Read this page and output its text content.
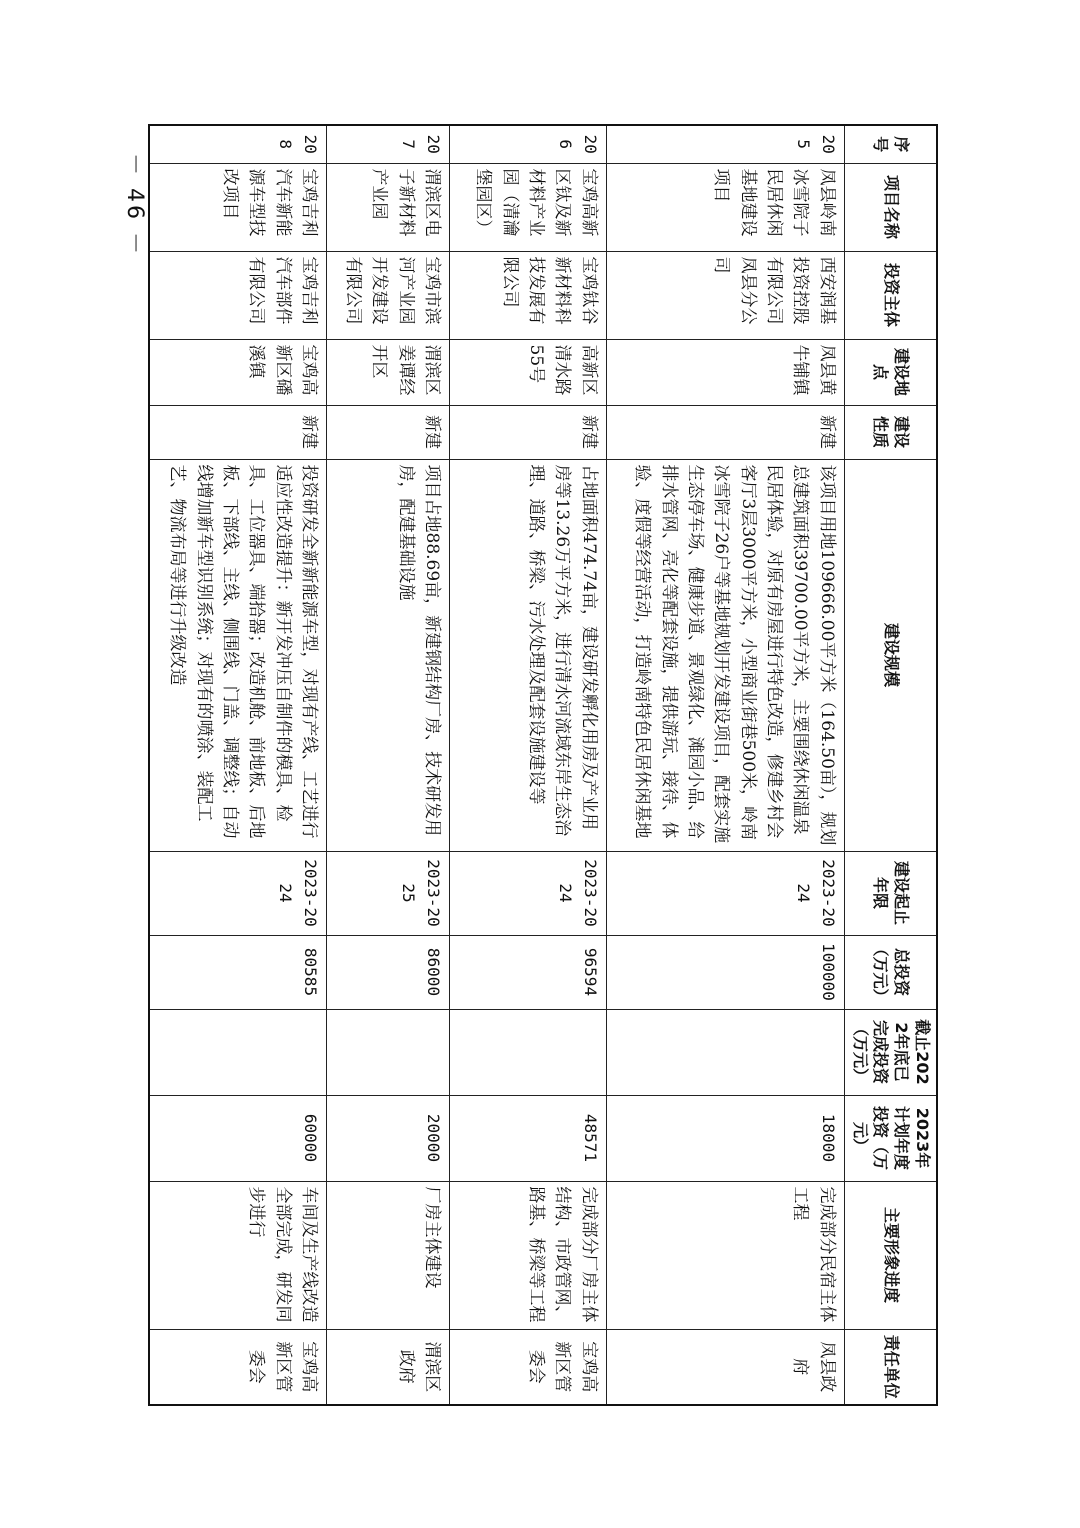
－ 46 －
序号	项目名称	投资主体	建设地点	建设性质	建设规模	建设起止年限	总投资（万元）	截止2022年底已完成投资（万元）	2023年计划年度投资（万元）	主要形象进度	责任单位
205	凤县岭南冰雪院子民居休闲基地建设项目	西安润基投资控股有限公司凤县分公司	凤县黄牛铺镇	新建	该项目用地109666.00平方米（164.50亩），规划总建筑面积39700.00平方米，主要围绕休闲温泉民居体验，对原有房屋进行特色改造，修建乡村会客厅3层3000平方米，小型商业街巷500米，岭南冰雪院子26户等基地规划开发建设项目，配套实施生态停车场、健康步道、景观绿化、滩园小品、给排水管网、亮化等配套设施，提供游玩、接待、体验、度假等经营活动，打造岭南特色民居休闲基地	2023-2024	100000		18000	完成部分民宿主体工程	凤县政府
206	宝鸡高新区钛及新材料产业园（清瀹堡园区）	宝鸡钛谷新材料科技发展有限公司	高新区清水路55号	新建	占地面积474.74亩，建设研发孵化用房及产业用房等13.26万平方米，进行清水河流域东岸生态治理、道路、桥梁、污水处理及配套设施建设等	2023-2024	96594		48571	完成部分厂房主体结构、市政管网、路基、桥梁等工程	宝鸡高新区管委会
207	渭滨区电子新材料产业园	宝鸡市滨河产业园开发建设有限公司	渭滨区姜谭经开区	新建	项目占地88.69亩，新建钢结构厂房、技术研发用房，配建基础设施	2023-2025	86000		20000	厂房主体建设	渭滨区政府
208	宝鸡吉利汽车新能源车型技改项目	宝鸡吉利汽车部件有限公司	宝鸡高新区磻溪镇	新建	投资研发全新新能源车型，对现有产线、工艺进行适应性改造提升：新开发冲压自制件的模具、检具、工位器具、端拾器；改造机舱、前地板、后地板、下部线、主线、侧围线、门盖、调整线；自动线增加新车型识别系统；对现有的喷涂、装配工艺、物流布局等进行升级改造	2023-2024	80585		60000	车间及生产线改造全部完成，研发同步进行	宝鸡高新区管委会
